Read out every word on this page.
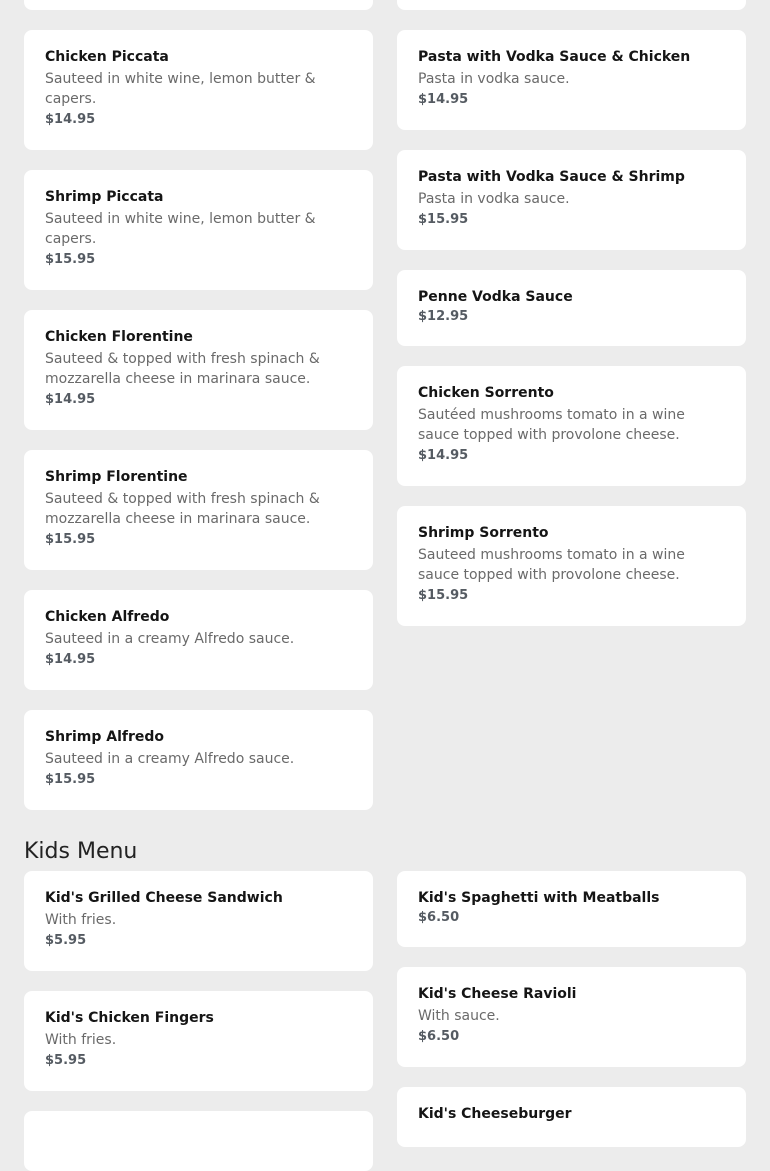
Chicken Piccata
Sauteed in white wine, lemon butter & capers.
$14.95
Shrimp Piccata
Sauteed in white wine, lemon butter & capers.
$15.95
Chicken Florentine
Sauteed & topped with fresh spinach & mozzarella cheese in marinara sauce.
$14.95
Shrimp Florentine
Sauteed & topped with fresh spinach & mozzarella cheese in marinara sauce.
$15.95
Chicken Alfredo
Sauteed in a creamy Alfredo sauce.
$14.95
Shrimp Alfredo
Sauteed in a creamy Alfredo sauce.
$15.95
Pasta with Vodka Sauce & Chicken
Pasta in vodka sauce.
$14.95
Pasta with Vodka Sauce & Shrimp
Pasta in vodka sauce.
$15.95
Penne Vodka Sauce
$12.95
Chicken Sorrento
Sautéed mushrooms tomato in a wine sauce topped with provolone cheese.
$14.95
Shrimp Sorrento
Sauteed mushrooms tomato in a wine sauce topped with provolone cheese.
$15.95
Kids Menu
Kid's Grilled Cheese Sandwich
With fries.
$5.95
Kid's Chicken Fingers
With fries.
$5.95
Kid's Spaghetti with Meatballs
$6.50
Kid's Cheese Ravioli
With sauce.
$6.50
Kid's Cheeseburger
